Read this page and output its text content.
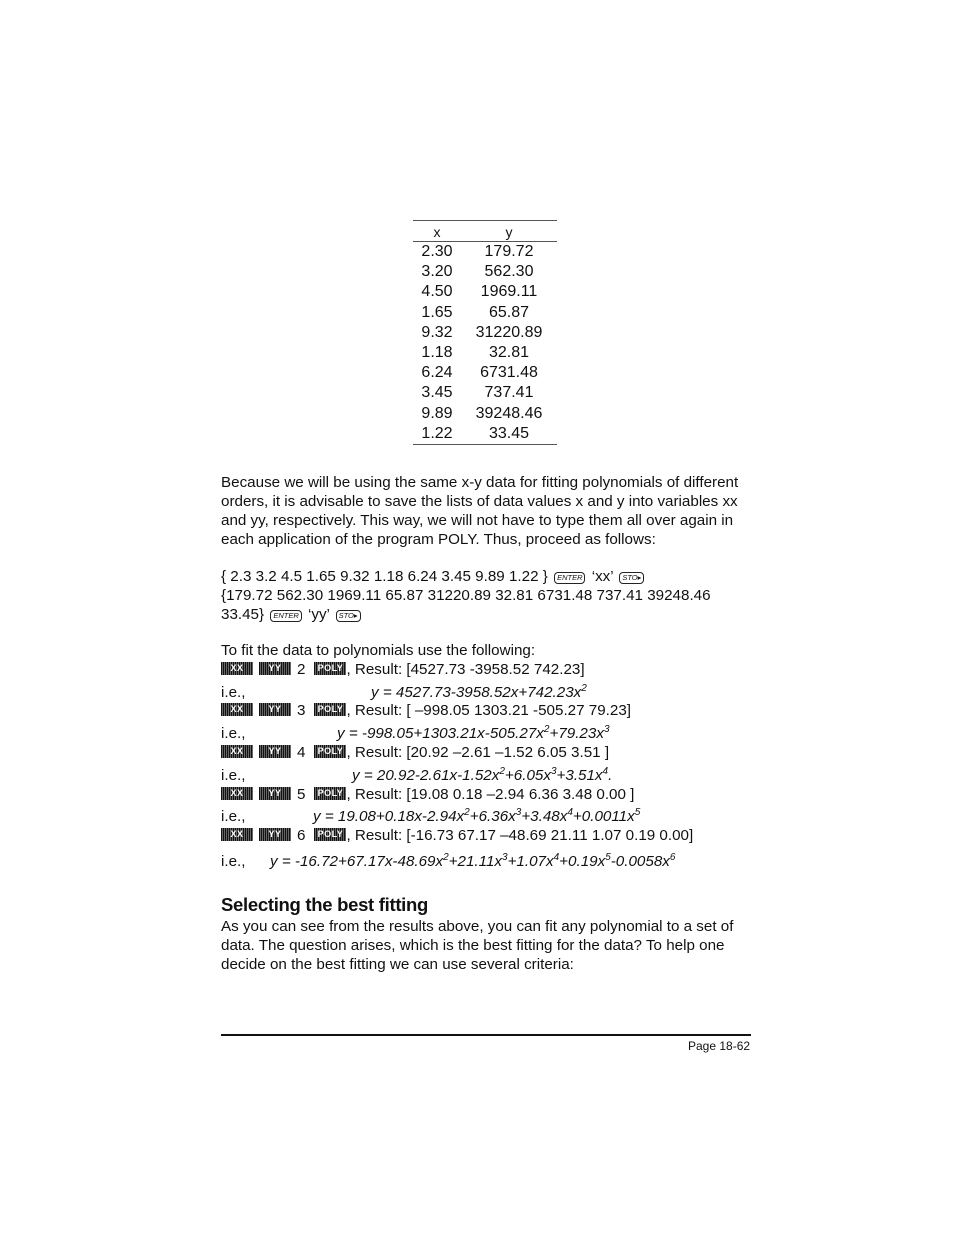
x	y
2.30	179.72
3.20	562.30
4.50	1969.11
1.65	65.87
9.32	31220.89
1.18	32.81
6.24	6731.48
3.45	737.41
9.89	39248.46
1.22	33.45
Because we will be using the same x-y data for fitting polynomials of different orders, it is advisable to save the lists of data values x and y into variables xx and yy, respectively. This way, we will not have to type them all over again in each application of the program POLY. Thus, proceed as follows:
{ 2.3 3.2 4.5 1.65 9.32 1.18 6.24 3.45 9.89 1.22 } ENTER ‘xx’ STO▸
{179.72 562.30 1969.11 65.87 31220.89 32.81 6731.48 737.41 39248.46
33.45} ENTER ‘yy’ STO▸
To fit the data to polynomials use the following:
XX	YY	2	POLY , Result: [4527.73 -3958.52 742.23]
i.e.,	$y = 4527.73-3958.52x+742.23x^2$
XX	YY	3	POLY , Result: [ –998.05 1303.21 -505.27 79.23]
i.e.,	$y = -998.05+1303.21x-505.27x^2+79.23x^3$
XX	YY	4	POLY , Result: [20.92 –2.61 –1.52 6.05 3.51 ]
i.e.,	$y = 20.92-2.61x-1.52x^2+6.05x^3+3.51x^4$.
XX	YY	5	POLY , Result: [19.08 0.18 –2.94 6.36 3.48 0.00 ]
i.e.,	$y = 19.08+0.18x-2.94x^2+6.36x^3+3.48x^4+0.0011x^5$
XX	YY	6	POLY , Result: [-16.73 67.17 –48.69 21.11 1.07 0.19 0.00]
i.e., $y = -16.72+67.17x-48.69x^2+21.11x^3+1.07x^4+0.19x^5-0.0058x^6$
Selecting the best fitting
As you can see from the results above, you can fit any polynomial to a set of data. The question arises, which is the best fitting for the data? To help one decide on the best fitting we can use several criteria:
Page 18-62
